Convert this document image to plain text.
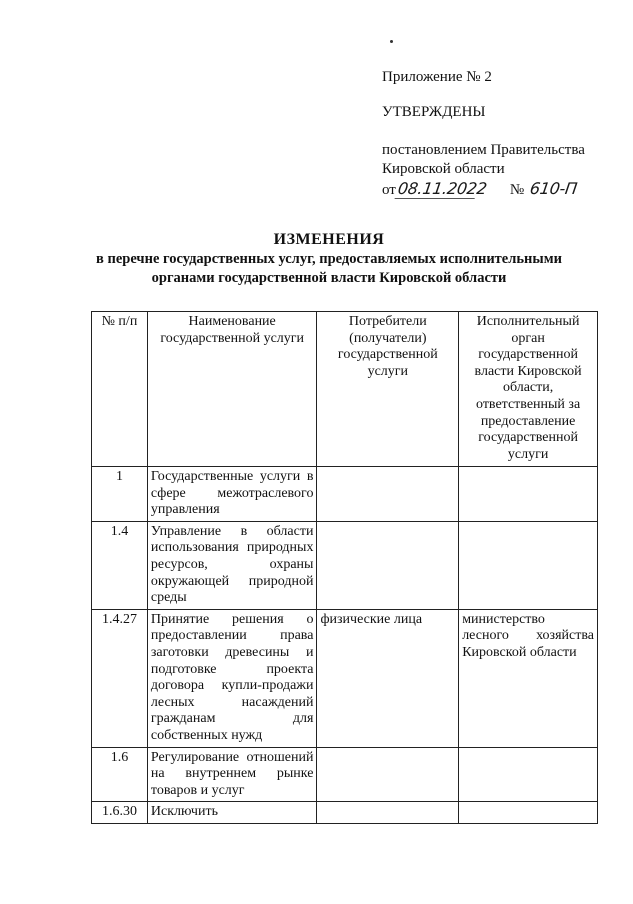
Приложение № 2
УТВЕРЖДЕНЫ
постановлением Правительства
Кировской области
от 08.11.2022 № 610-П
ИЗМЕНЕНИЯ
в перечне государственных услуг, предоставляемых исполнительными
органами государственной власти Кировской области
№ п/п	Наименование государственной услуги	Потребители (получатели) государственной услуги	Исполнительный орган государственной власти Кировской области, ответственный за предоставление государственной услуги
1	Государственные услуги в сфере межотраслевого управления		
1.4	Управление в области использования природных ресурсов, охраны окружающей природной среды		
1.4.27	Принятие решения о предоставлении права заготовки древесины и подготовке проекта договора купли-продажи лесных насаждений гражданам для собственных нужд	физические лица	министерство лесного хозяйства Кировской области
1.6	Регулирование отношений на внутреннем рынке товаров и услуг		
1.6.30	Исключить		
